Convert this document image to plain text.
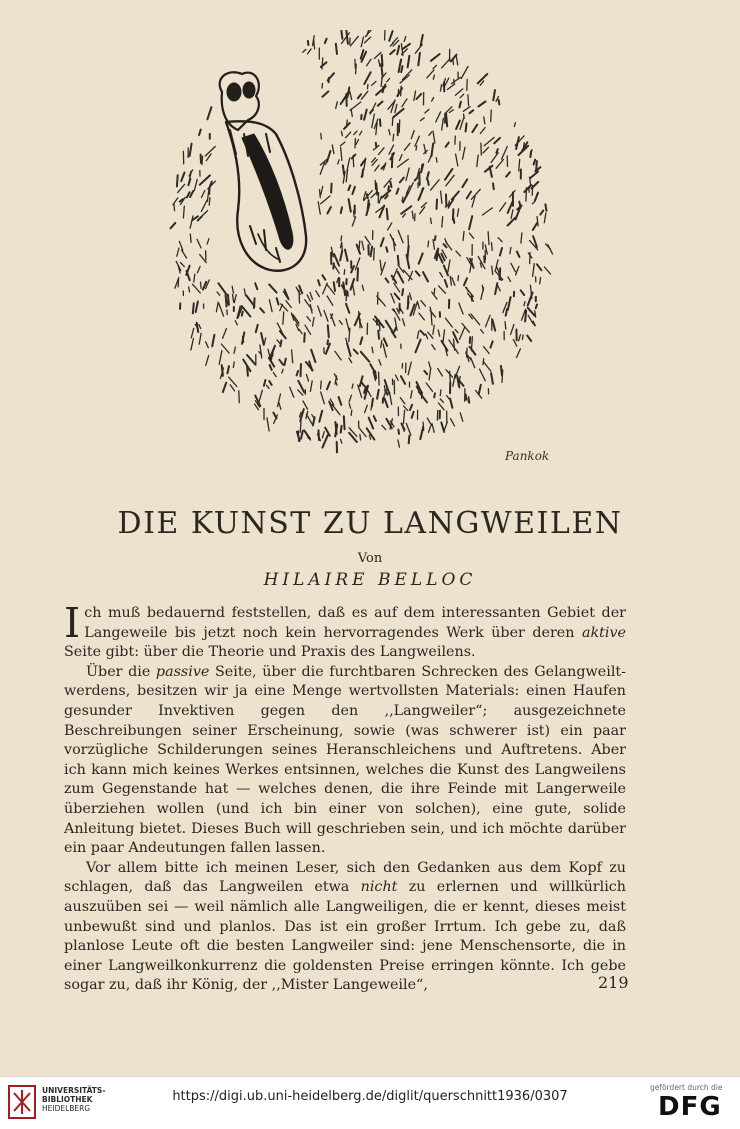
Pankok
DIE KUNST ZU LANGWEILEN
Von
HILAIRE BELLOC

Ich muß bedauernd feststellen, daß es auf dem interessanten Gebiet der Langeweile bis jetzt noch kein hervorragendes Werk über deren aktive Seite gibt: über die Theorie und Praxis des Langweilens.

Über die passive Seite, über die furchtbaren Schrecken des Gelangweiltwerdens, besitzen wir ja eine Menge wertvollsten Materials: einen Haufen gesunder Invektiven gegen den ,,Langweiler“; ausgezeichnete Beschreibungen seiner Erscheinung, sowie (was schwerer ist) ein paar vorzügliche Schilderungen seines Heranschleichens und Auftretens. Aber ich kann mich keines Werkes entsinnen, welches die Kunst des Langweilens zum Gegenstande hat — welches denen, die ihre Feinde mit Langerweile überziehen wollen (und ich bin einer von solchen), eine gute, solide Anleitung bietet. Dieses Buch will geschrieben sein, und ich möchte darüber ein paar Andeutungen fallen lassen.

Vor allem bitte ich meinen Leser, sich den Gedanken aus dem Kopf zu schlagen, daß das Langweilen etwa nicht zu erlernen und willkürlich auszuüben sei — weil nämlich alle Langweiligen, die er kennt, dieses meist unbewußt sind und planlos. Das ist ein großer Irrtum. Ich gebe zu, daß planlose Leute oft die besten Langweiler sind: jene Menschensorte, die in einer Langweilkonkurrenz die goldensten Preise erringen könnte. Ich gebe sogar zu, daß ihr König, der ,,Mister Langeweile“,	219
UNIVERSITÄTS-
BIBLIOTHEK
HEIDELBERG
https://digi.ub.uni-heidelberg.de/diglit/querschnitt1936/0307
gefördert durch die
DFG
